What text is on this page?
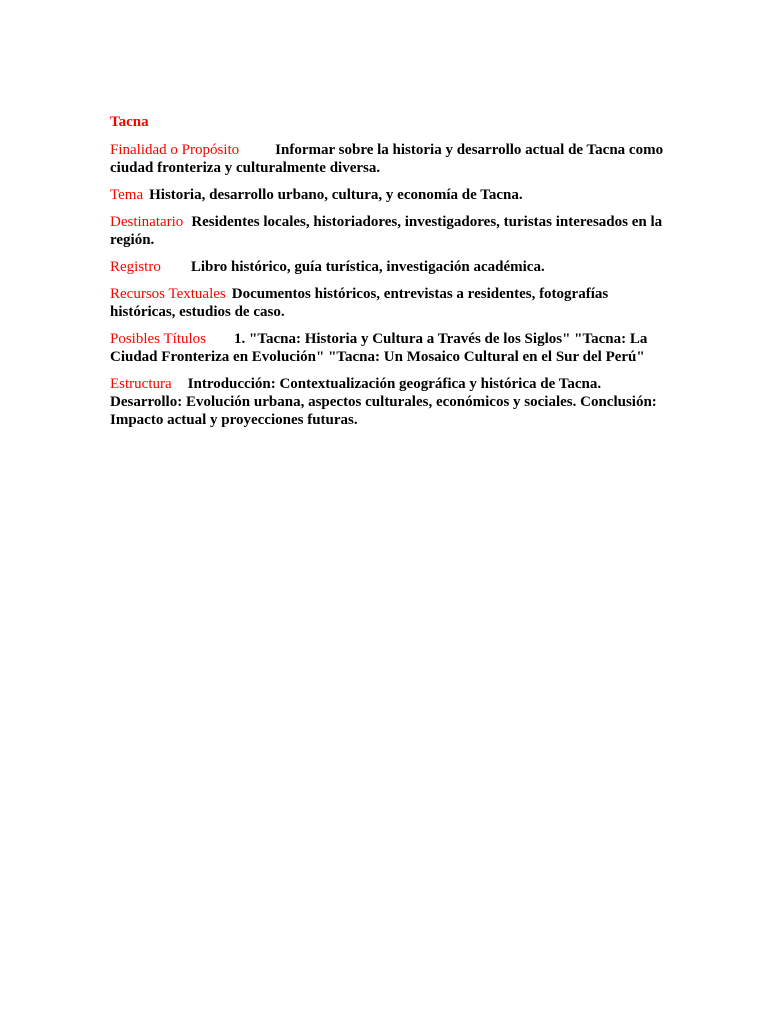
Tacna
Finalidad o Propósito Informar sobre la historia y desarrollo actual de Tacna como ciudad fronteriza y culturalmente diversa.
Tema Historia, desarrollo urbano, cultura, y economía de Tacna.
Destinatario Residentes locales, historiadores, investigadores, turistas interesados en la región.
Registro Libro histórico, guía turística, investigación académica.
Recursos Textuales Documentos históricos, entrevistas a residentes, fotografías históricas, estudios de caso.
Posibles Títulos 1. "Tacna: Historia y Cultura a Través de los Siglos" "Tacna: La Ciudad Fronteriza en Evolución" "Tacna: Un Mosaico Cultural en el Sur del Perú"
Estructura Introducción: Contextualización geográfica y histórica de Tacna. Desarrollo: Evolución urbana, aspectos culturales, económicos y sociales. Conclusión: Impacto actual y proyecciones futuras.
